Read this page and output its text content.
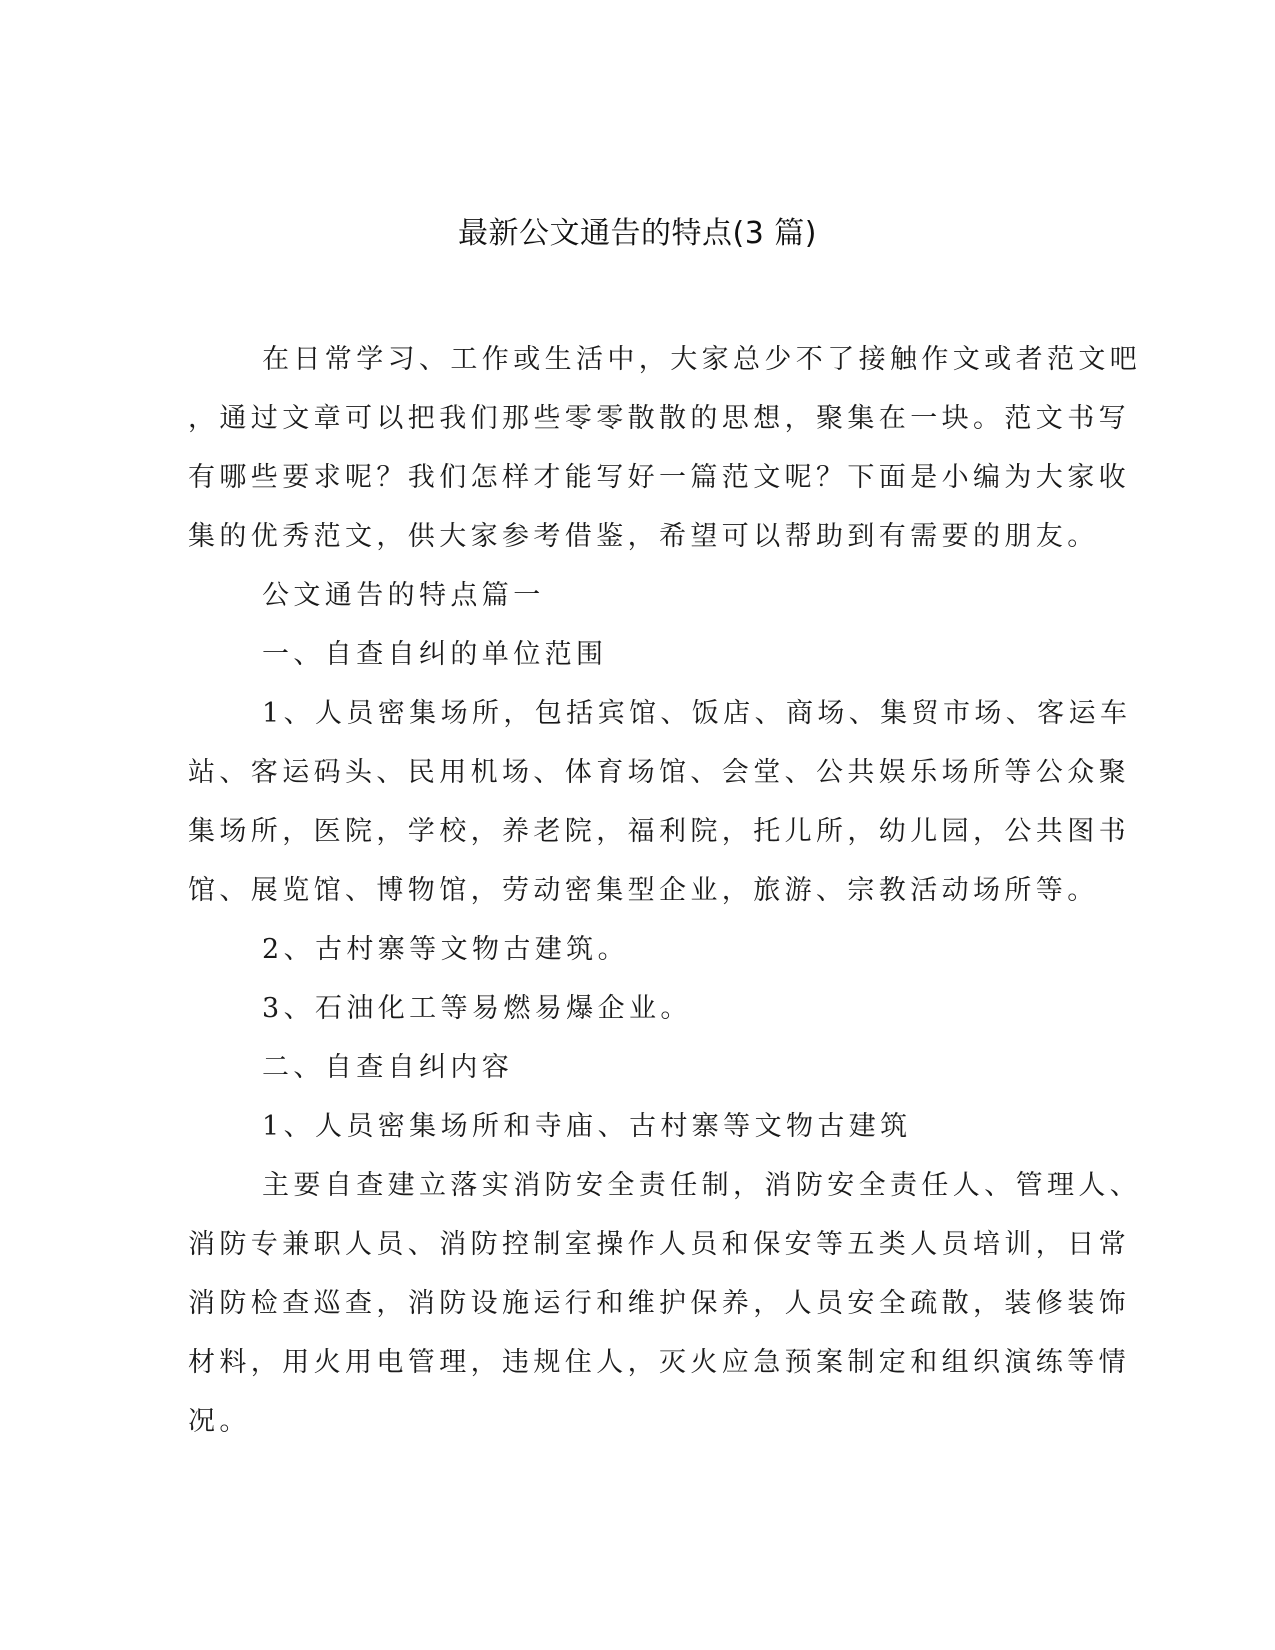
最新公文通告的特点(3 篇)

在日常学习、工作或生活中，大家总少不了接触作文或者范文吧
，通过文章可以把我们那些零零散散的思想，聚集在一块。范文书写
有哪些要求呢？我们怎样才能写好一篇范文呢？下面是小编为大家收
集的优秀范文，供大家参考借鉴，希望可以帮助到有需要的朋友。

公文通告的特点篇一

一、自查自纠的单位范围

1、人员密集场所，包括宾馆、饭店、商场、集贸市场、客运车
站、客运码头、民用机场、体育场馆、会堂、公共娱乐场所等公众聚
集场所，医院，学校，养老院，福利院，托儿所，幼儿园，公共图书
馆、展览馆、博物馆，劳动密集型企业，旅游、宗教活动场所等。

2、古村寨等文物古建筑。

3、石油化工等易燃易爆企业。

二、自查自纠内容

1、人员密集场所和寺庙、古村寨等文物古建筑

主要自查建立落实消防安全责任制，消防安全责任人、管理人、
消防专兼职人员、消防控制室操作人员和保安等五类人员培训，日常
消防检查巡查，消防设施运行和维护保养，人员安全疏散，装修装饰
材料，用火用电管理，违规住人，灭火应急预案制定和组织演练等情
况。
